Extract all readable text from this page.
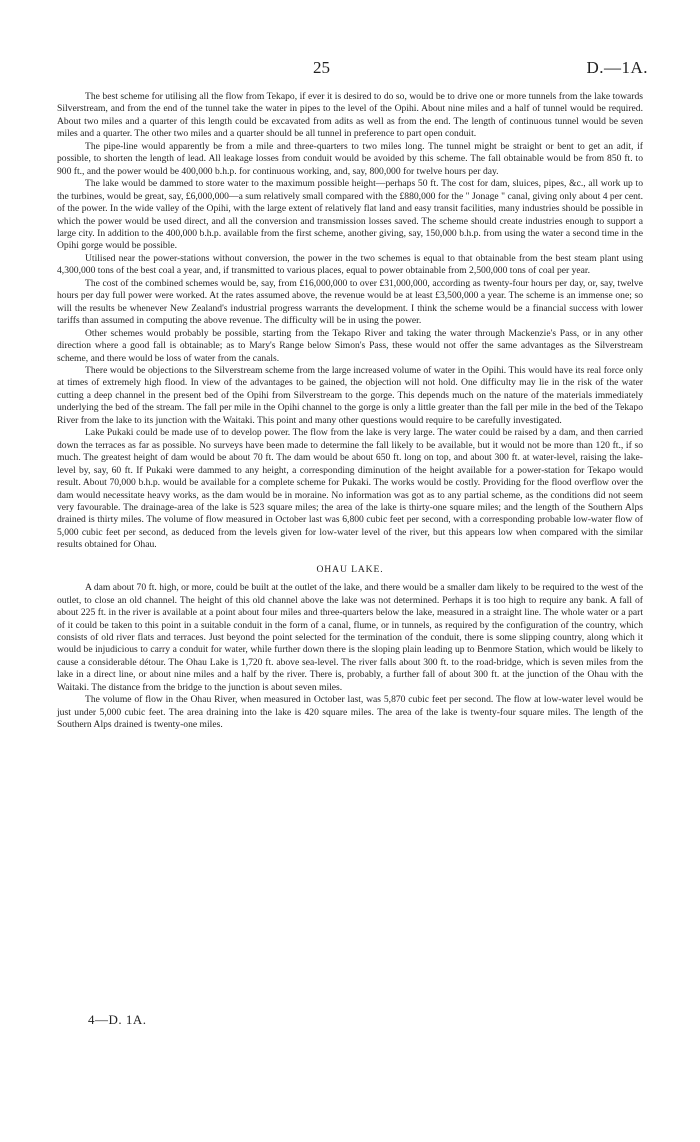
25	D.—1A.

The best scheme for utilising all the flow from Tekapo, if ever it is desired to do so, would be to drive one or more tunnels from the lake towards Silverstream, and from the end of the tunnel take the water in pipes to the level of the Opihi. About nine miles and a half of tunnel would be required. About two miles and a quarter of this length could be excavated from adits as well as from the end. The length of continuous tunnel would be seven miles and a quarter. The other two miles and a quarter should be all tunnel in preference to part open conduit.

The pipe-line would apparently be from a mile and three-quarters to two miles long. The tunnel might be straight or bent to get an adit, if possible, to shorten the length of lead. All leakage losses from conduit would be avoided by this scheme. The fall obtainable would be from 850 ft. to 900 ft., and the power would be 400,000 b.h.p. for continuous working, and, say, 800,000 for twelve hours per day.

The lake would be dammed to store water to the maximum possible height—perhaps 50 ft. The cost for dam, sluices, pipes, &c., all work up to the turbines, would be great, say, £6,000,000—a sum relatively small compared with the £880,000 for the " Jonage " canal, giving only about 4 per cent. of the power. In the wide valley of the Opihi, with the large extent of relatively flat land and easy transit facilities, many industries should be possible in which the power would be used direct, and all the conversion and transmission losses saved. The scheme should create industries enough to support a large city. In addition to the 400,000 b.h.p. available from the first scheme, another giving, say, 150,000 b.h.p. from using the water a second time in the Opihi gorge would be possible.

Utilised near the power-stations without conversion, the power in the two schemes is equal to that obtainable from the best steam plant using 4,300,000 tons of the best coal a year, and, if transmitted to various places, equal to power obtainable from 2,500,000 tons of coal per year.

The cost of the combined schemes would be, say, from £16,000,000 to over £31,000,000, according as twenty-four hours per day, or, say, twelve hours per day full power were worked. At the rates assumed above, the revenue would be at least £3,500,000 a year. The scheme is an immense one; so will the results be whenever New Zealand's industrial progress warrants the development. I think the scheme would be a financial success with lower tariffs than assumed in computing the above revenue. The difficulty will be in using the power.

Other schemes would probably be possible, starting from the Tekapo River and taking the water through Mackenzie's Pass, or in any other direction where a good fall is obtainable; as to Mary's Range below Simon's Pass, these would not offer the same advantages as the Silverstream scheme, and there would be loss of water from the canals.

There would be objections to the Silverstream scheme from the large increased volume of water in the Opihi. This would have its real force only at times of extremely high flood. In view of the advantages to be gained, the objection will not hold. One difficulty may lie in the risk of the water cutting a deep channel in the present bed of the Opihi from Silverstream to the gorge. This depends much on the nature of the materials immediately underlying the bed of the stream. The fall per mile in the Opihi channel to the gorge is only a little greater than the fall per mile in the bed of the Tekapo River from the lake to its junction with the Waitaki. This point and many other questions would require to be carefully investigated.

Lake Pukaki could be made use of to develop power. The flow from the lake is very large. The water could be raised by a dam, and then carried down the terraces as far as possible. No surveys have been made to determine the fall likely to be available, but it would not be more than 120 ft., if so much. The greatest height of dam would be about 70 ft. The dam would be about 650 ft. long on top, and about 300 ft. at water-level, raising the lake-level by, say, 60 ft. If Pukaki were dammed to any height, a corresponding diminution of the height available for a power-station for Tekapo would result. About 70,000 b.h.p. would be available for a complete scheme for Pukaki. The works would be costly. Providing for the flood overflow over the dam would necessitate heavy works, as the dam would be in moraine. No information was got as to any partial scheme, as the conditions did not seem very favourable. The drainage-area of the lake is 523 square miles; the area of the lake is thirty-one square miles; and the length of the Southern Alps drained is thirty miles. The volume of flow measured in October last was 6,800 cubic feet per second, with a corresponding probable low-water flow of 5,000 cubic feet per second, as deduced from the levels given for low-water level of the river, but this appears low when compared with the similar results obtained for Ohau.

OHAU LAKE.

A dam about 70 ft. high, or more, could be built at the outlet of the lake, and there would be a smaller dam likely to be required to the west of the outlet, to close an old channel. The height of this old channel above the lake was not determined. Perhaps it is too high to require any bank. A fall of about 225 ft. in the river is available at a point about four miles and three-quarters below the lake, measured in a straight line. The whole water or a part of it could be taken to this point in a suitable conduit in the form of a canal, flume, or in tunnels, as required by the configuration of the country, which consists of old river flats and terraces. Just beyond the point selected for the termination of the conduit, there is some slipping country, along which it would be injudicious to carry a conduit for water, while further down there is the sloping plain leading up to Benmore Station, which would be likely to cause a considerable détour. The Ohau Lake is 1,720 ft. above sea-level. The river falls about 300 ft. to the road-bridge, which is seven miles from the lake in a direct line, or about nine miles and a half by the river. There is, probably, a further fall of about 300 ft. at the junction of the Ohau with the Waitaki. The distance from the bridge to the junction is about seven miles.

The volume of flow in the Ohau River, when measured in October last, was 5,870 cubic feet per second. The flow at low-water level would be just under 5,000 cubic feet. The area draining into the lake is 420 square miles. The area of the lake is twenty-four square miles. The length of the Southern Alps drained is twenty-one miles.

4—D. 1A.
